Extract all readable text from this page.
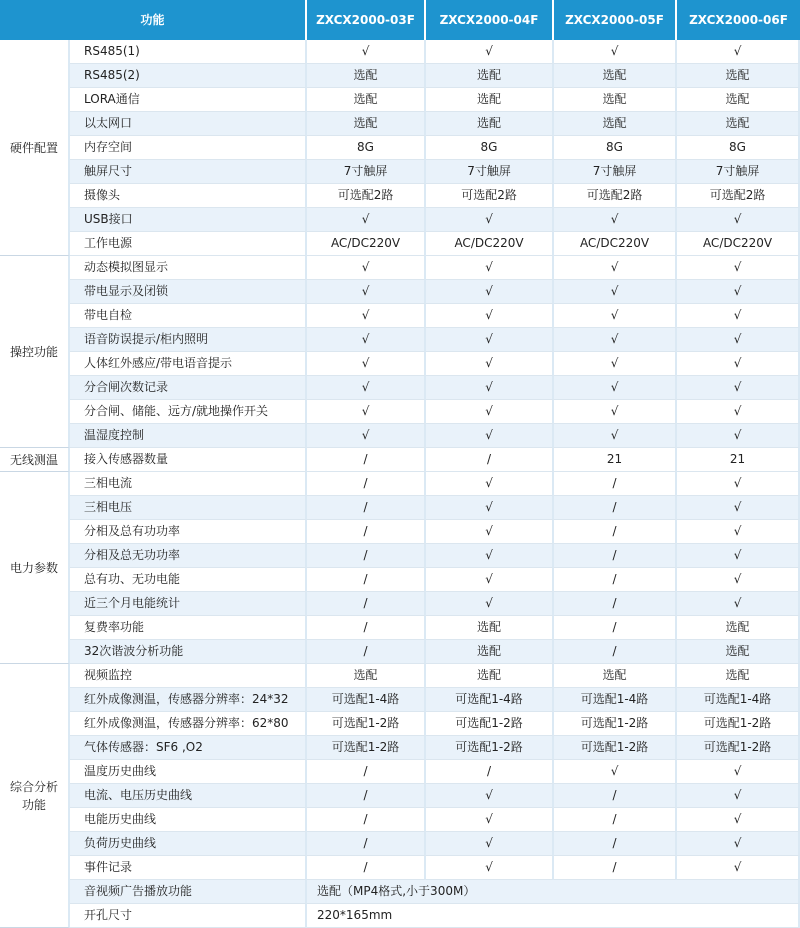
功能		ZXCX2000-03F	ZXCX2000-04F	ZXCX2000-05F	ZXCX2000-06F
硬件配置	RS485(1)	√	√	√	√
	RS485(2)	选配	选配	选配	选配
	LORA通信	选配	选配	选配	选配
	以太网口	选配	选配	选配	选配
	内存空间	8G	8G	8G	8G
	触屏尺寸	7寸触屏	7寸触屏	7寸触屏	7寸触屏
	摄像头	可选配2路	可选配2路	可选配2路	可选配2路
	USB接口	√	√	√	√
	工作电源	AC/DC220V	AC/DC220V	AC/DC220V	AC/DC220V
操控功能	动态模拟图显示	√	√	√	√
	带电显示及闭锁	√	√	√	√
	带电自检	√	√	√	√
	语音防误提示/柜内照明	√	√	√	√
	人体红外感应/带电语音提示	√	√	√	√
	分合闸次数记录	√	√	√	√
	分合闸、储能、远方/就地操作开关	√	√	√	√
	温湿度控制	√	√	√	√
无线测温	接入传感器数量	/	/	21	21
电力参数	三相电流	/	√	/	√
	三相电压	/	√	/	√
	分相及总有功功率	/	√	/	√
	分相及总无功功率	/	√	/	√
	总有功、无功电能	/	√	/	√
	近三个月电能统计	/	√	/	√
	复费率功能	/	选配	/	选配
	32次谐波分析功能	/	选配	/	选配
综合分析功能	视频监控	选配	选配	选配	选配
	红外成像测温，传感器分辨率：24*32	可选配1-4路	可选配1-4路	可选配1-4路	可选配1-4路
	红外成像测温，传感器分辨率：62*80	可选配1-2路	可选配1-2路	可选配1-2路	可选配1-2路
	气体传感器：SF6 ,O2	可选配1-2路	可选配1-2路	可选配1-2路	可选配1-2路
	温度历史曲线	/	/	√	√
	电流、电压历史曲线	/	√	/	√
	电能历史曲线	/	√	/	√
	负荷历史曲线	/	√	/	√
	事件记录	/	√	/	√
	音视频广告播放功能	选配（MP4格式,小于300M）			
	开孔尺寸	220*165mm			
